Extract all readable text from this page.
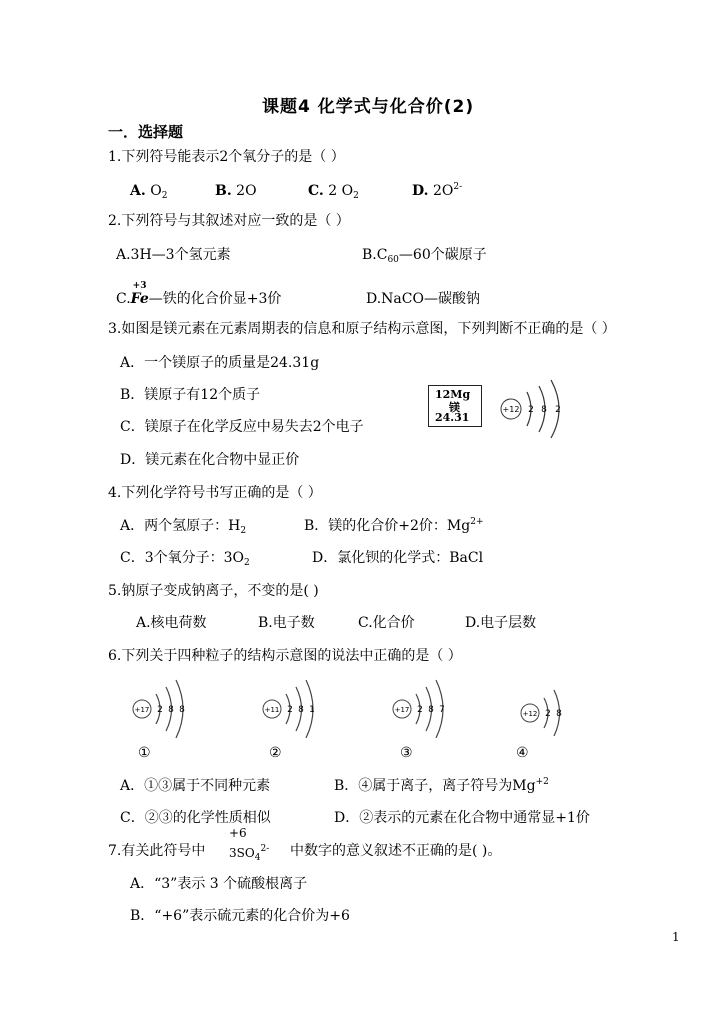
课题4 化学式与化合价(2)
一．选择题
1.下列符号能表示2个氧分子的是（ ）
A. $O_2$	B. 2O	C. 2 $O_2$	D. $2O^{2-}$
2.下列符号与其叙述对应一致的是（ ）
A.3H—3个氢元素	$B.C_{60}—60$个碳原子
C.
+3
Fe—铁的化合价显+3价	D.NaCO—碳酸钠
3.如图是镁元素在元素周期表的信息和原子结构示意图，下列判断不正确的是（ ）
A．一个镁原子的质量是24.31g
B．镁原子有12个质子
C．镁原子在化学反应中易失去2个电子
D．镁元素在化合物中显正价
12Mg
镁
24.31
+12 2 8 2
4.下列化学符号书写正确的是（ ）
A．两个氢原子：$H_2$	B．镁的化合价+2价：$Mg^{2+}$
C．3个氧分子：$3O_2$	D．氯化钡的化学式：BaCl
5.钠原子变成钠离子，不变的是( )
A.核电荷数	B.电子数	C.化合价	D.电子层数
6.下列关于四种粒子的结构示意图的说法中正确的是（ ）
+17 2 8 8	+11 2 8 1	+17 2 8 7	+12 2 8
①	②	③	④
A．①③属于不同种元素	B．④属于离子，离子符号为$Mg^{+2}$
C．②③的化学性质相似	D．②表示的元素在化合物中通常显+1价
7.有关此符号中
+6
$3SO_4^{2-}$ 中数字的意义叙述不正确的是( )。
A．“3”表示 3 个硫酸根离子
B．“+6”表示硫元素的化合价为+6
1
